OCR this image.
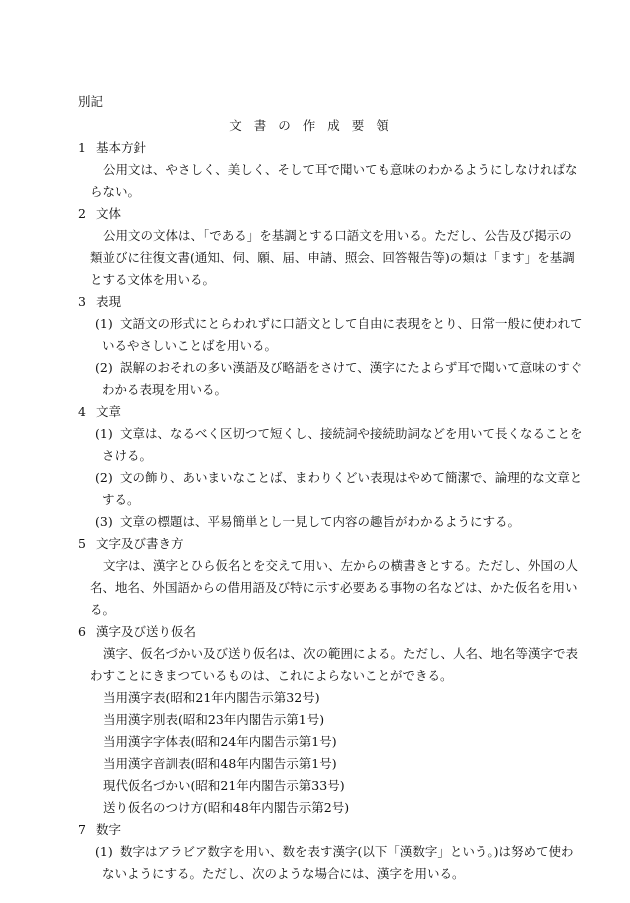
別記
文書の作成要領
1 基本方針
公用文は、やさしく、美しく、そして耳で聞いても意味のわかるようにしなければな
らない。
2 文体
公用文の文体は、「である」を基調とする口語文を用いる。ただし、公告及び掲示の
類並びに往復文書(通知、伺、願、届、申請、照会、回答報告等)の類は「ます」を基調
とする文体を用いる。
3 表現
(1) 文語文の形式にとらわれずに口語文として自由に表現をとり、日常一般に使われて
いるやさしいことばを用いる。
(2) 誤解のおそれの多い漢語及び略語をさけて、漢字にたよらず耳で聞いて意味のすぐ
わかる表現を用いる。
4 文章
(1) 文章は、なるべく区切つて短くし、接続詞や接続助詞などを用いて長くなることを
さける。
(2) 文の飾り、あいまいなことば、まわりくどい表現はやめて簡潔で、論理的な文章と
する。
(3) 文章の標題は、平易簡単とし一見して内容の趣旨がわかるようにする。
5 文字及び書き方
文字は、漢字とひら仮名とを交えて用い、左からの横書きとする。ただし、外国の人
名、地名、外国語からの借用語及び特に示す必要ある事物の名などは、かた仮名を用い
る。
6 漢字及び送り仮名
漢字、仮名づかい及び送り仮名は、次の範囲による。ただし、人名、地名等漢字で表
わすことにきまつているものは、これによらないことができる。
当用漢字表(昭和21年内閣告示第32号)
当用漢字別表(昭和23年内閣告示第1号)
当用漢字字体表(昭和24年内閣告示第1号)
当用漢字音訓表(昭和48年内閣告示第1号)
現代仮名づかい(昭和21年内閣告示第33号)
送り仮名のつけ方(昭和48年内閣告示第2号)
7 数字
(1) 数字はアラビア数字を用い、数を表す漢字(以下「漢数字」という。)は努めて使わ
ないようにする。ただし、次のような場合には、漢字を用いる。
